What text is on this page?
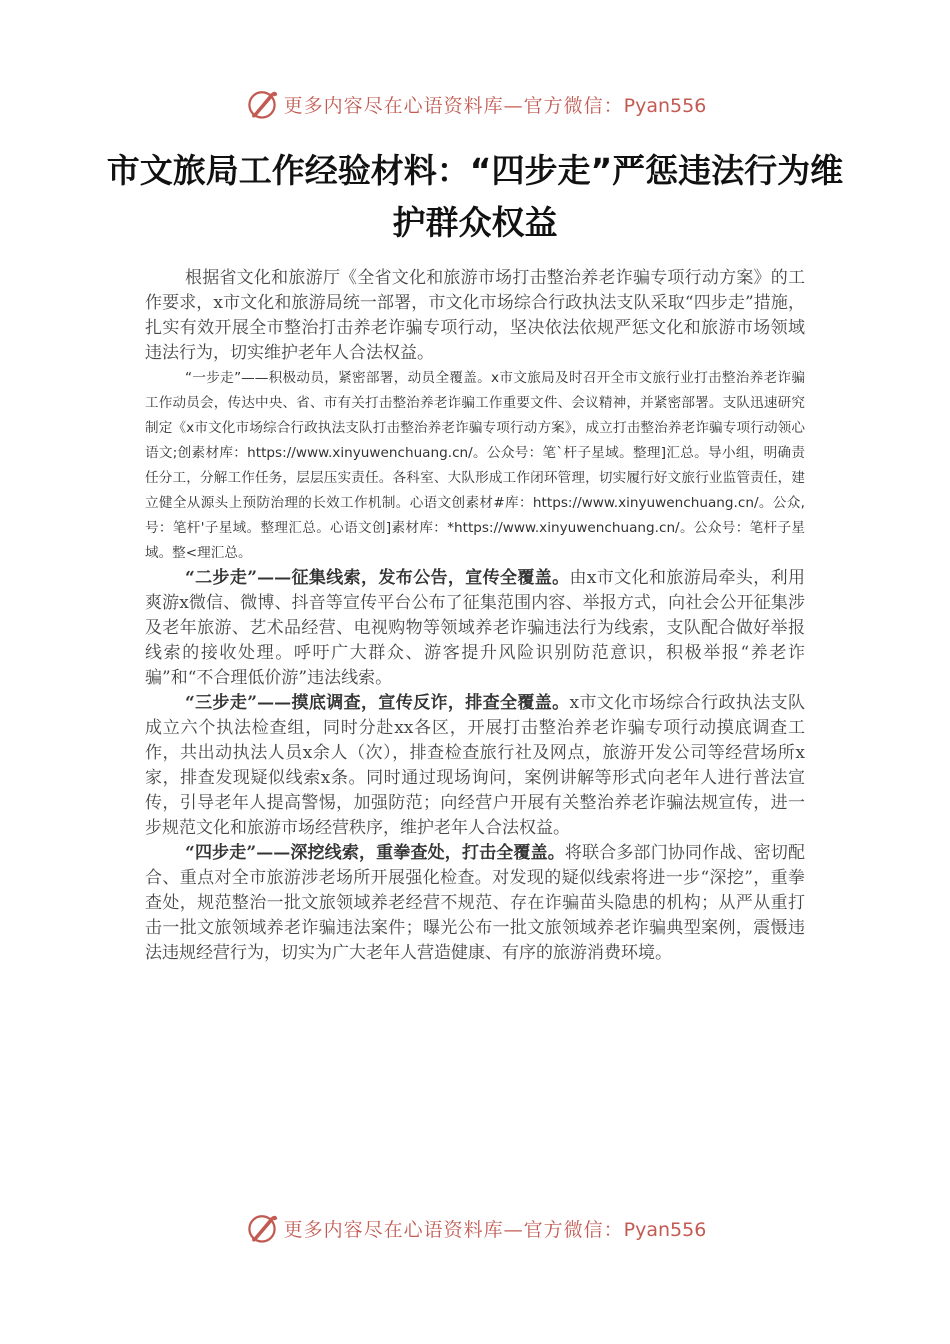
更多内容尽在心语资料库—官方微信：Pyan556
市文旅局工作经验材料：“四步走”严惩违法行为维护群众权益

根据省文化和旅游厅《全省文化和旅游市场打击整治养老诈骗专项行动方案》的工作要求，x市文化和旅游局统一部署，市文化市场综合行政执法支队采取“四步走”措施，扎实有效开展全市整治打击养老诈骗专项行动，坚决依法依规严惩文化和旅游市场领域违法行为，切实维护老年人合法权益。

“一步走”——积极动员，紧密部署，动员全覆盖。x市文旅局及时召开全市文旅行业打击整治养老诈骗工作动员会，传达中央、省、市有关打击整治养老诈骗工作重要文件、会议精神，并紧密部署。支队迅速研究制定《x市文化市场综合行政执法支队打击整治养老诈骗专项行动方案》，成立打击整治养老诈骗专项行动领心语文;创素材库：https://www.xinyuwenchuang.cn/。公众号：笔`杆子星域。整理]汇总。导小组，明确责任分工，分解工作任务，层层压实责任。各科室、大队形成工作闭环管理，切实履行好文旅行业监管责任，建立健全从源头上预防治理的长效工作机制。心语文创素材#库：https://www.xinyuwenchuang.cn/。公众,号：笔杆'子星域。整理汇总。心语文创]素材库：*https://www.xinyuwenchuang.cn/。公众号：笔杆子星域。整<理汇总。

“二步走”——征集线索，发布公告，宣传全覆盖。由x市文化和旅游局牵头，利用爽游x微信、微博、抖音等宣传平台公布了征集范围内容、举报方式，向社会公开征集涉及老年旅游、艺术品经营、电视购物等领域养老诈骗违法行为线索，支队配合做好举报线索的接收处理。呼吁广大群众、游客提升风险识别防范意识，积极举报“养老诈骗”和“不合理低价游”违法线索。

“三步走”——摸底调查，宣传反诈，排查全覆盖。x市文化市场综合行政执法支队成立六个执法检查组，同时分赴xx各区，开展打击整治养老诈骗专项行动摸底调查工作，共出动执法人员x余人（次），排查检查旅行社及网点，旅游开发公司等经营场所x家，排查发现疑似线索x条。同时通过现场询问，案例讲解等形式向老年人进行普法宣传，引导老年人提高警惕，加强防范；向经营户开展有关整治养老诈骗法规宣传，进一步规范文化和旅游市场经营秩序，维护老年人合法权益。

“四步走”——深挖线索，重拳查处，打击全覆盖。将联合多部门协同作战、密切配合、重点对全市旅游涉老场所开展强化检查。对发现的疑似线索将进一步“深挖”，重拳查处，规范整治一批文旅领域养老经营不规范、存在诈骗苗头隐患的机构；从严从重打击一批文旅领域养老诈骗违法案件；曝光公布一批文旅领域养老诈骗典型案例，震慑违法违规经营行为，切实为广大老年人营造健康、有序的旅游消费环境。

更多内容尽在心语资料库—官方微信：Pyan556
